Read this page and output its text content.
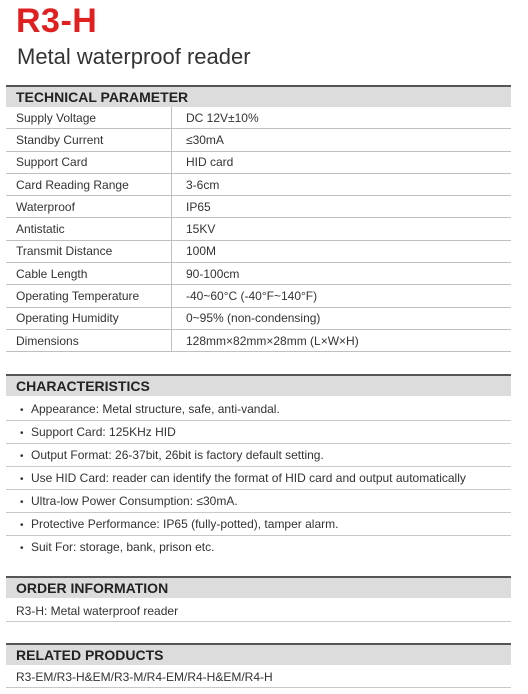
R3-H
Metal waterproof reader
TECHNICAL PARAMETER
Supply Voltage	DC 12V±10%
Standby Current	≤30mA
Support Card	HID card
Card Reading Range	3-6cm
Waterproof	IP65
Antistatic	15KV
Transmit Distance	100M
Cable Length	90-100cm
Operating Temperature	-40~60°C (-40°F~140°F)
Operating Humidity	0~95% (non-condensing)
Dimensions	128mm×82mm×28mm (L×W×H)
CHARACTERISTICS
• Appearance: Metal structure, safe, anti-vandal.
• Support Card: 125KHz HID
• Output Format: 26-37bit, 26bit is factory default setting.
• Use HID Card: reader can identify the format of HID card and output automatically
• Ultra-low Power Consumption: ≤30mA.
• Protective Performance: IP65 (fully-potted), tamper alarm.
• Suit For: storage, bank, prison etc.
ORDER INFORMATION
R3-H: Metal waterproof reader
RELATED PRODUCTS
R3-EM/R3-H&EM/R3-M/R4-EM/R4-H&EM/R4-H
